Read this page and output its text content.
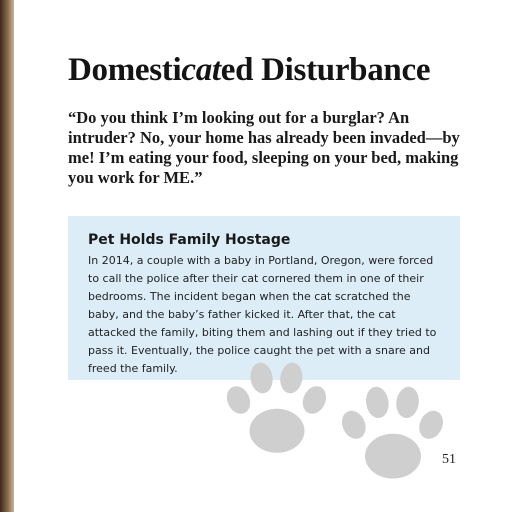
Domesticated Disturbance

“Do you think I’m looking out for a burglar? An intruder? No, your home has already been invaded—by me! I’m eating your food, sleeping on your bed, making you work for ME.”

Pet Holds Family Hostage

In 2014, a couple with a baby in Portland, Oregon, were forced to call the police after their cat cornered them in one of their bedrooms. The incident began when the cat scratched the baby, and the baby’s father kicked it. After that, the cat attacked the family, biting them and lashing out if they tried to pass it. Eventually, the police caught the pet with a snare and freed the family.

51
